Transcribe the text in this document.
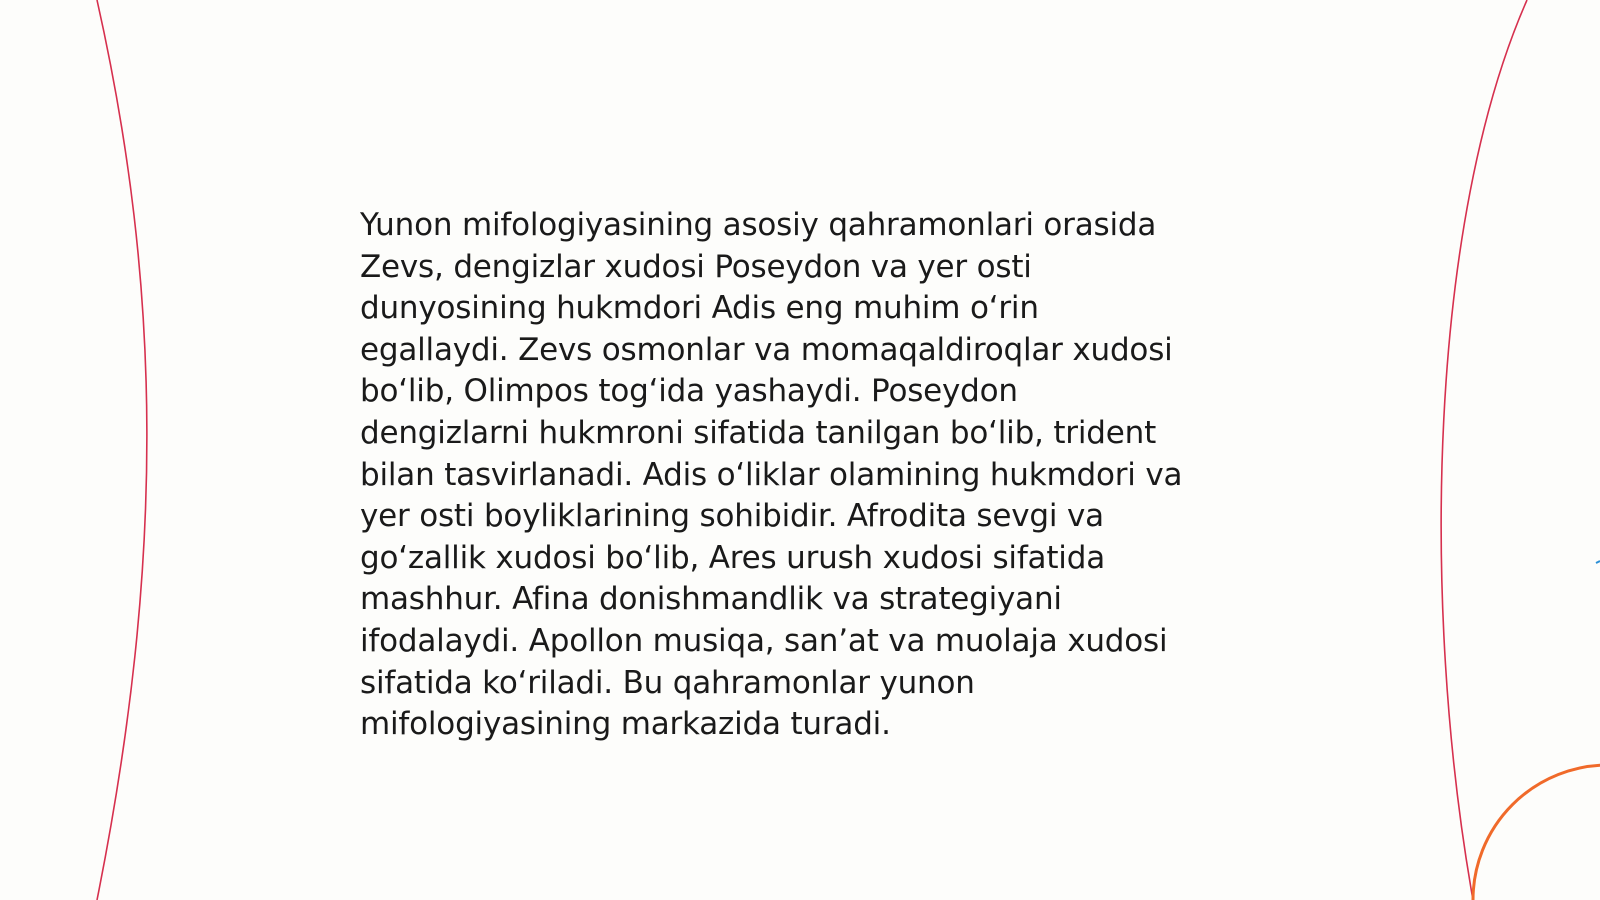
Yunon mifologiyasining asosiy qahramonlari orasida
Zevs, dengizlar xudosi Poseydon va yer osti
dunyosining hukmdori Adis eng muhim o‘rin
egallaydi. Zevs osmonlar va momaqaldiroqlar xudosi
bo‘lib, Olimpos tog‘ida yashaydi. Poseydon
dengizlarni hukmroni sifatida tanilgan bo‘lib, trident
bilan tasvirlanadi. Adis o‘liklar olamining hukmdori va
yer osti boyliklarining sohibidir. Afrodita sevgi va
go‘zallik xudosi bo‘lib, Ares urush xudosi sifatida
mashhur. Afina donishmandlik va strategiyani
ifodalaydi. Apollon musiqa, san’at va muolaja xudosi
sifatida ko‘riladi. Bu qahramonlar yunon
mifologiyasining markazida turadi.
